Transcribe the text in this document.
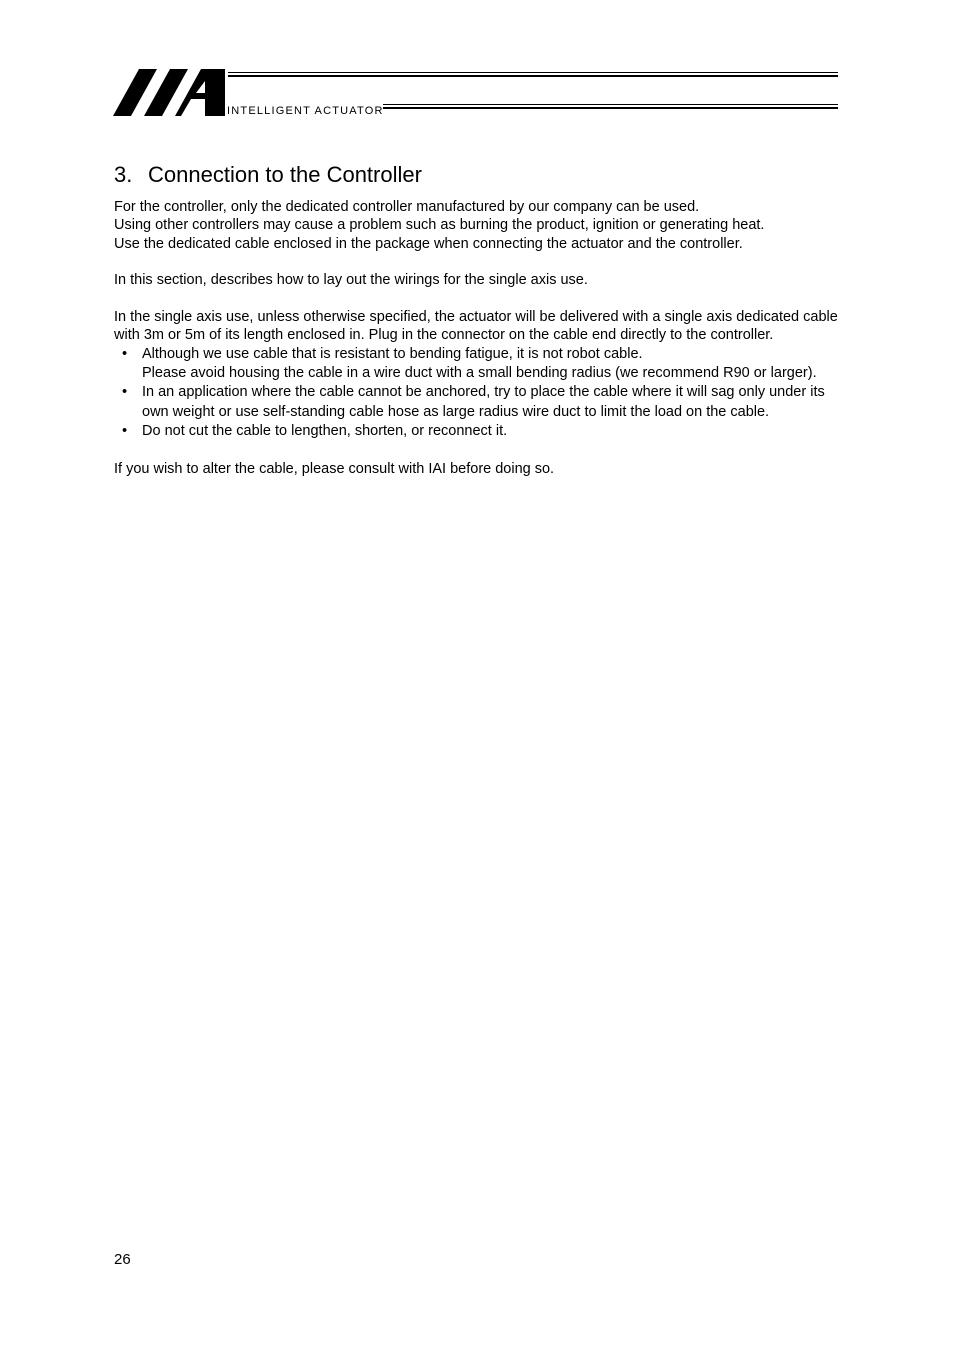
INTELLIGENT ACTUATOR
3. Connection to the Controller

For the controller, only the dedicated controller manufactured by our company can be used.

Using other controllers may cause a problem such as burning the product, ignition or generating heat.

Use the dedicated cable enclosed in the package when connecting the actuator and the controller.

In this section, describes how to lay out the wirings for the single axis use.

In the single axis use, unless otherwise specified, the actuator will be delivered with a single axis dedicated cable with 3m or 5m of its length enclosed in. Plug in the connector on the cable end directly to the controller.

• Although we use cable that is resistant to bending fatigue, it is not robot cable.
Please avoid housing the cable in a wire duct with a small bending radius (we recommend R90 or larger).
• In an application where the cable cannot be anchored, try to place the cable where it will sag only under its own weight or use self-standing cable hose as large radius wire duct to limit the load on the cable.
• Do not cut the cable to lengthen, shorten, or reconnect it.

If you wish to alter the cable, please consult with IAI before doing so.

26
